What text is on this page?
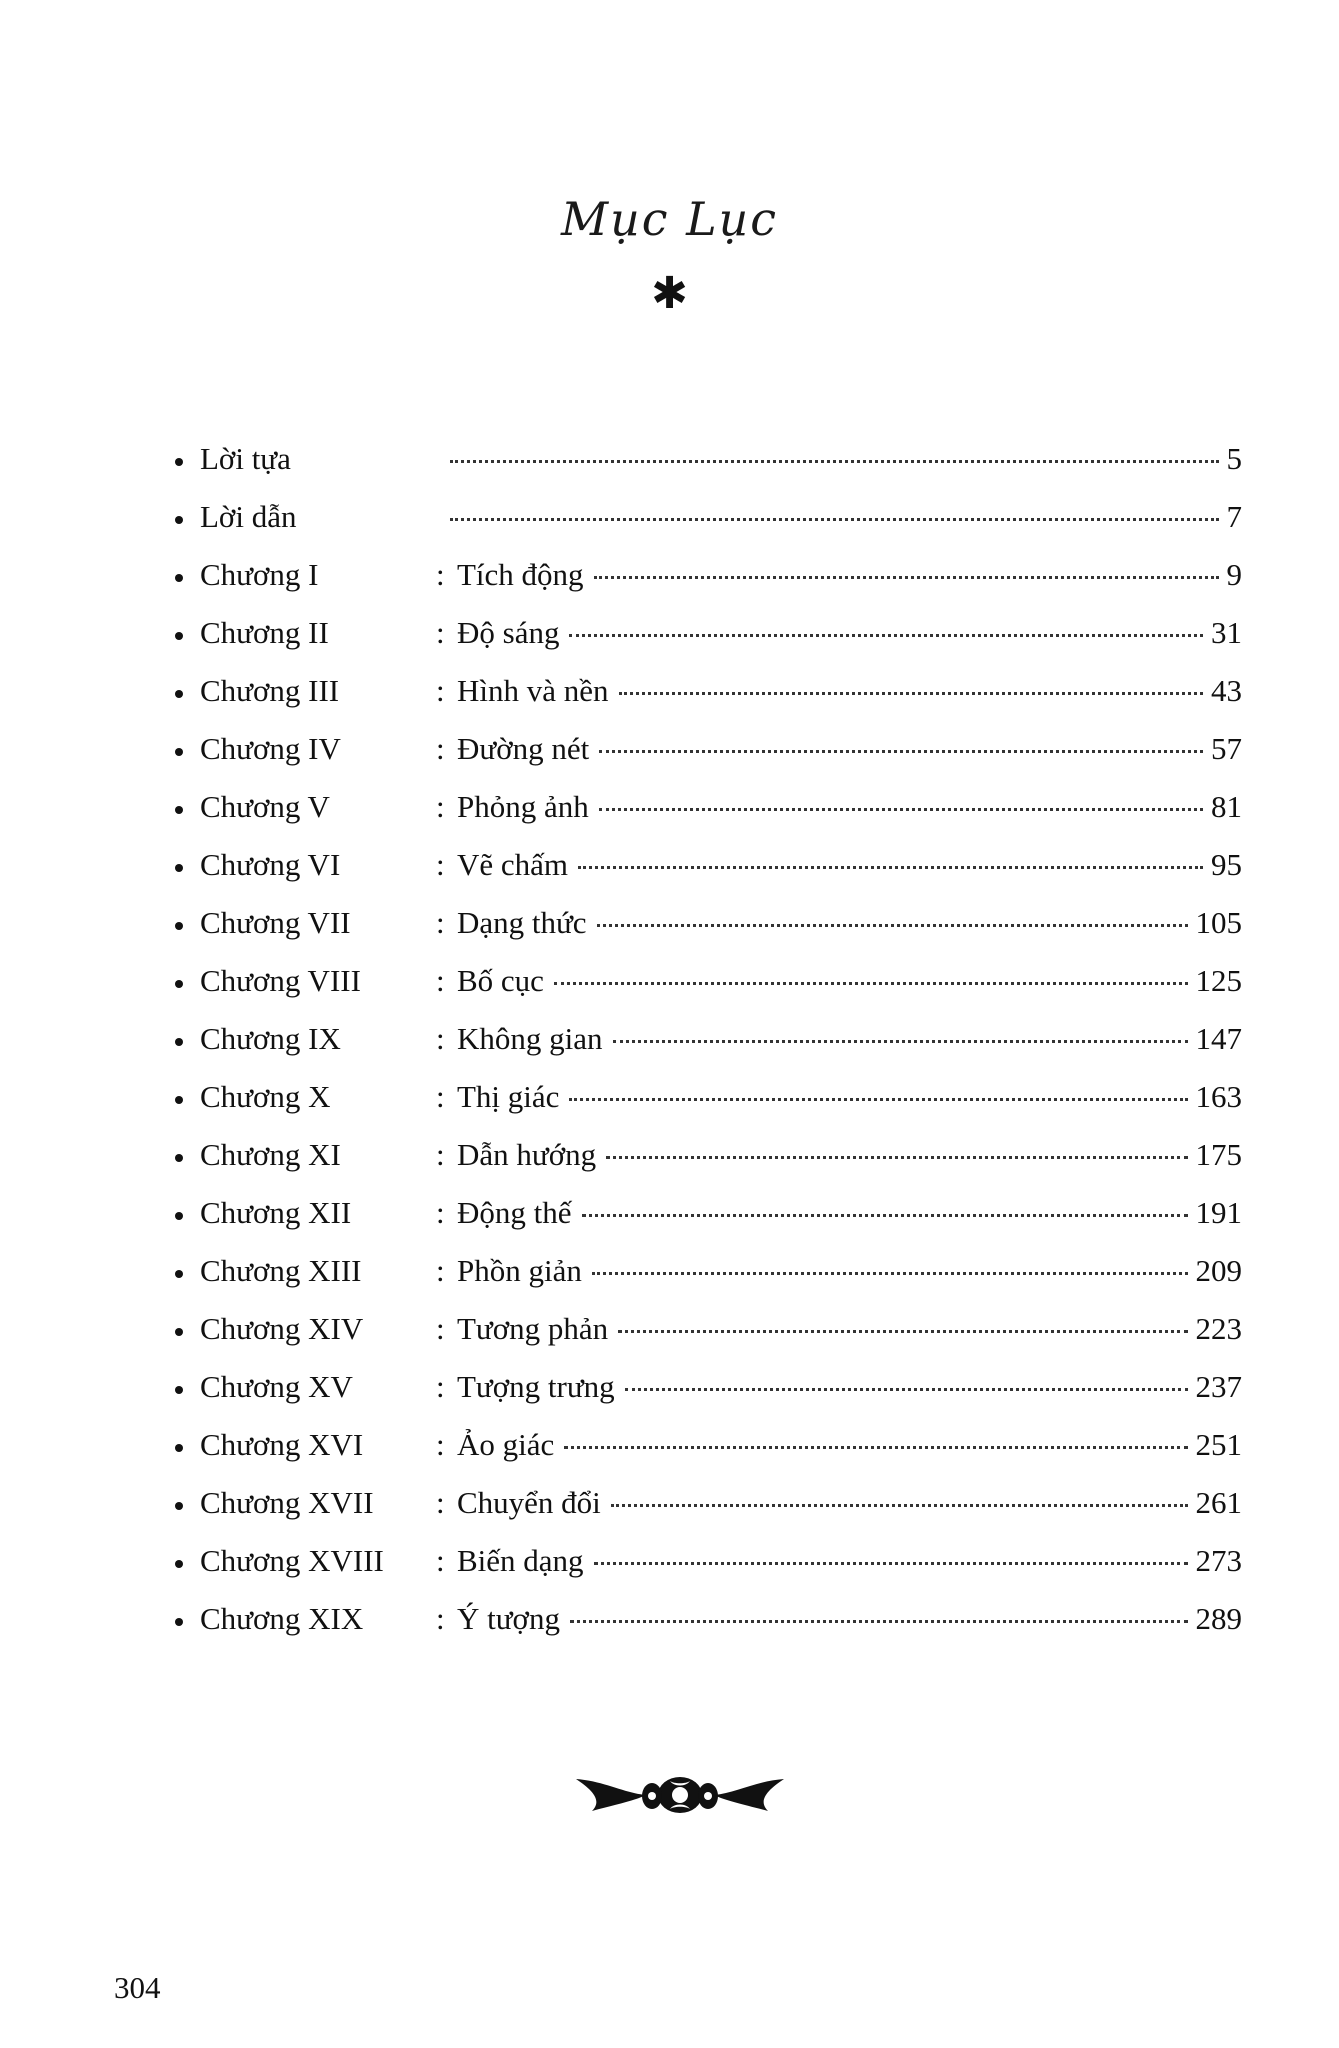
Mục Lục
✱
Lời tựa	5
Lời dẫn	7
Chương I	: Tích động	9
Chương II	: Độ sáng	31
Chương III	: Hình và nền	43
Chương IV	: Đường nét	57
Chương V	: Phỏng ảnh	81
Chương VI	: Vẽ chấm	95
Chương VII	: Dạng thức	105
Chương VIII : Bố cục	125
Chương IX	: Không gian	147
Chương X	: Thị giác	163
Chương XI	: Dẫn hướng	175
Chương XII	: Động thế	191
Chương XIII : Phồn giản	209
Chương XIV : Tương phản	223
Chương XV	: Tượng trưng	237
Chương XVI : Ảo giác	251
Chương XVII : Chuyển đổi	261
Chương XVIII : Biến dạng	273
Chương XIX : Ý tượng	289
304
